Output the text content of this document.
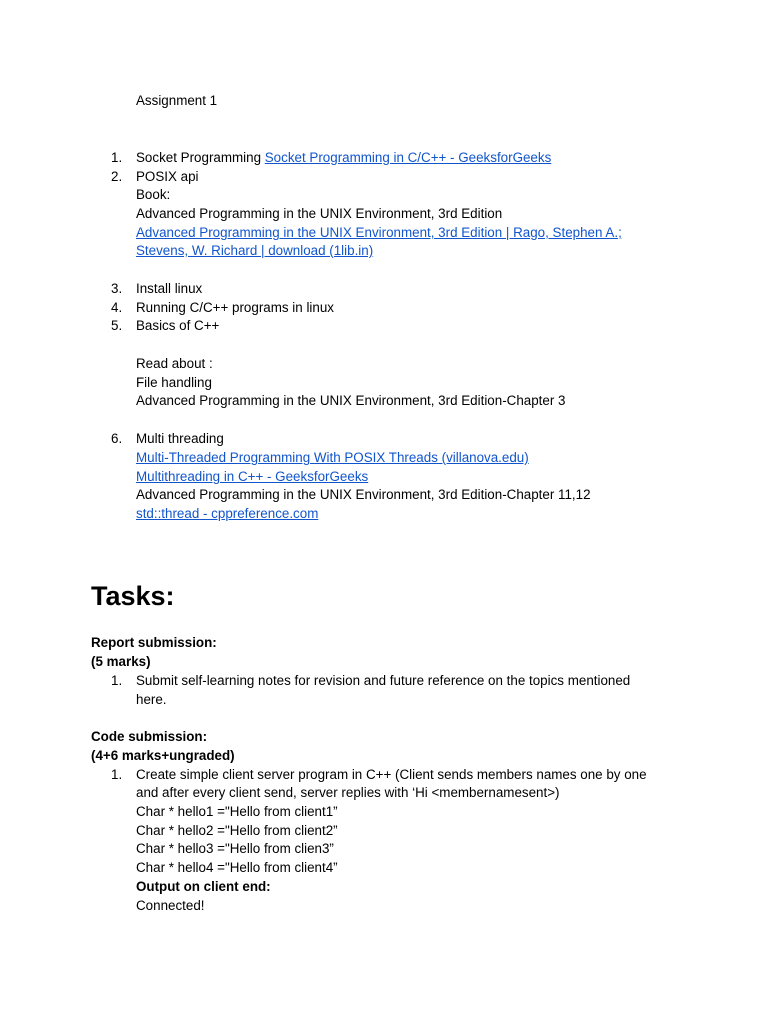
Assignment 1
1. Socket Programming Socket Programming in C/C++ - GeeksforGeeks
2. POSIX api
Book:
Advanced Programming in the UNIX Environment, 3rd Edition
Advanced Programming in the UNIX Environment, 3rd Edition | Rago, Stephen A.;
Stevens, W. Richard | download (1lib.in)
3. Install linux
4. Running C/C++ programs in linux
5. Basics of C++
Read about :
File handling
Advanced Programming in the UNIX Environment, 3rd Edition-Chapter 3
6. Multi threading
Multi-Threaded Programming With POSIX Threads (villanova.edu)
Multithreading in C++ - GeeksforGeeks
Advanced Programming in the UNIX Environment, 3rd Edition-Chapter 11,12
std::thread - cppreference.com
Tasks:
Report submission:
(5 marks)
1. Submit self-learning notes for revision and future reference on the topics mentioned
here.
Code submission:
(4+6 marks+ungraded)
1. Create simple client server program in C++ (Client sends members names one by one
and after every client send, server replies with ‘Hi <membernamesent>)
Char * hello1 ="Hello from client1”
Char * hello2 ="Hello from client2”
Char * hello3 ="Hello from clien3”
Char * hello4 ="Hello from client4”
Output on client end:
Connected!
